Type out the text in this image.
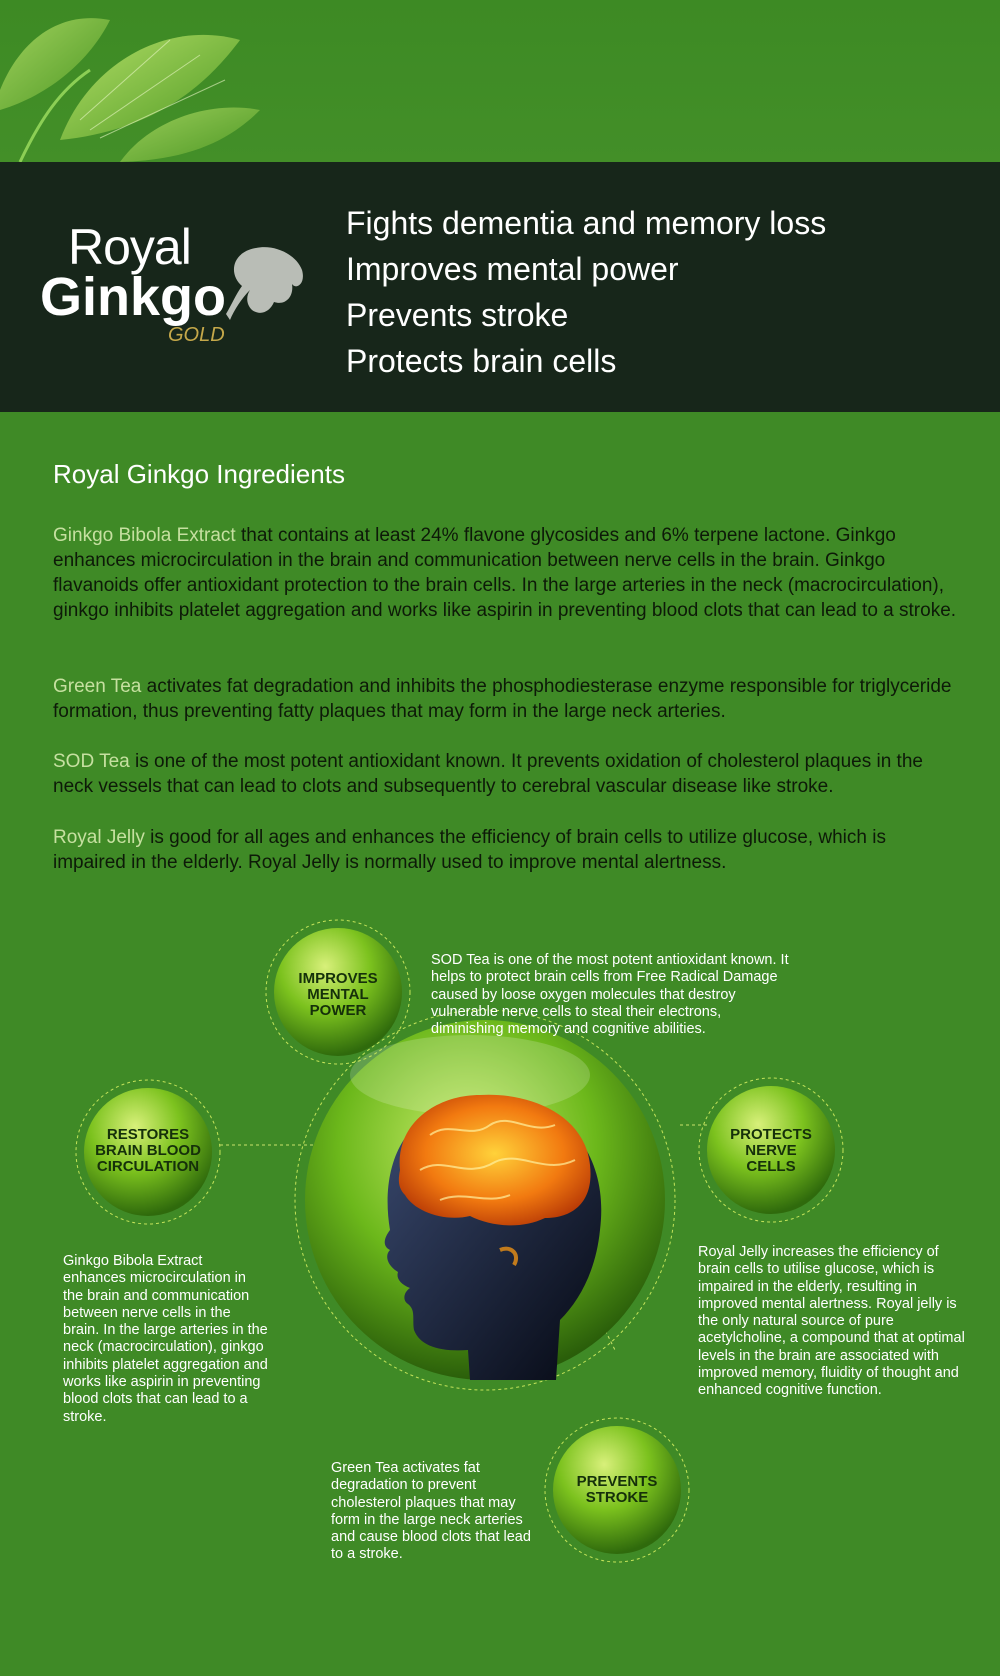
Royal
Ginkgo
GOLD
Fights dementia and memory loss
Improves mental power
Prevents stroke
Protects brain cells
Royal Ginkgo Ingredients

Ginkgo Bibola Extract that contains at least 24% flavone glycosides and 6% terpene lactone. Ginkgo enhances microcirculation in the brain and communication between nerve cells in the brain. Ginkgo flavanoids offer antioxidant protection to the brain cells. In the large arteries in the neck (macrocirculation), ginkgo inhibits platelet aggregation and works like aspirin in preventing blood clots that can lead to a stroke.

Green Tea activates fat degradation and inhibits the phosphodiesterase enzyme responsible for triglyceride formation, thus preventing fatty plaques that may form in the large neck arteries.

SOD Tea is one of the most potent antioxidant known. It prevents oxidation of cholesterol plaques in the neck vessels that can lead to clots and subsequently to cerebral vascular disease like stroke.

Royal Jelly is good for all ages and enhances the efficiency of brain cells to utilize glucose, which is impaired in the elderly. Royal Jelly is normally used to improve mental alertness.

IMPROVES
MENTAL
POWER
RESTORES
BRAIN BLOOD
CIRCULATION
PROTECTS
NERVE
CELLS
PREVENTS
STROKE

SOD Tea is one of the most potent antioxidant known. It helps to protect brain cells from Free Radical Damage caused by loose oxygen molecules that destroy vulnerable nerve cells to steal their electrons, diminishing memory and cognitive abilities.

Ginkgo Bibola Extract enhances microcirculation in the brain and communication between nerve cells in the brain. In the large arteries in the neck (macrocirculation), ginkgo inhibits platelet aggregation and works like aspirin in preventing blood clots that can lead to a stroke.

Royal Jelly increases the efficiency of brain cells to utilise glucose, which is impaired in the elderly, resulting in improved mental alertness. Royal jelly is the only natural source of pure acetylcholine, a compound that at optimal levels in the brain are associated with improved memory, fluidity of thought and enhanced cognitive function.

Green Tea activates fat degradation to prevent cholesterol plaques that may form in the large neck arteries and cause blood clots that lead to a stroke.
